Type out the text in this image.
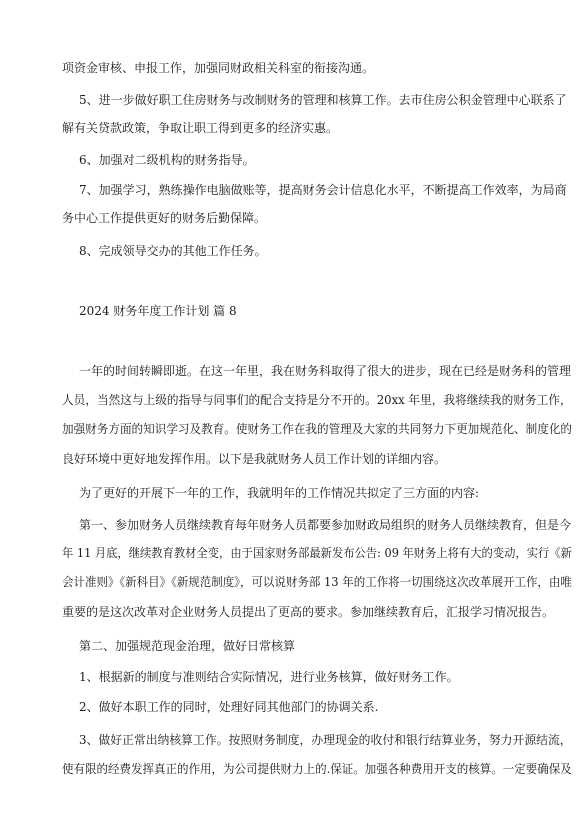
项资金审核、申报工作，加强同财政相关科室的衔接沟通。
5、进一步做好职工住房财务与改制财务的管理和核算工作。去市住房公积金管理中心联系了
解有关贷款政策，争取让职工得到更多的经济实惠。
6、加强对二级机构的财务指导。
7、加强学习，熟练操作电脑做账等，提高财务会计信息化水平，不断提高工作效率，为局商
务中心工作提供更好的财务后勤保障。
8、完成领导交办的其他工作任务。
2024 财务年度工作计划 篇 8
一年的时间转瞬即逝。在这一年里，我在财务科取得了很大的进步，现在已经是财务科的管理
人员，当然这与上级的指导与同事们的配合支持是分不开的。20xx 年里，我将继续我的财务工作，
加强财务方面的知识学习及教育。使财务工作在我的管理及大家的共同努力下更加规范化、制度化的
良好环境中更好地发挥作用。以下是我就财务人员工作计划的详细内容。
为了更好的开展下一年的工作，我就明年的工作情况共拟定了三方面的内容:
第一、参加财务人员继续教育每年财务人员都要参加财政局组织的财务人员继续教育，但是今
年 11 月底，继续教育教材全变，由于国家财务部最新发布公告: 09 年财务上将有大的变动，实行《新
会计准则》《新科目》《新规范制度》，可以说财务部 13 年的工作将一切围绕这次改革展开工作，由唯
重要的是这次改革对企业财务人员提出了更高的要求。参加继续教育后，汇报学习情况报告。
第二、加强规范现金治理，做好日常核算
1、根据新的制度与准则结合实际情况，进行业务核算，做好财务工作。
2、做好本职工作的同时，处理好同其他部门的协调关系.
3、做好正常出纳核算工作。按照财务制度，办理现金的收付和银行结算业务，努力开源结流，
使有限的经费发挥真正的作用，为公司提供财力上的.保证。加强各种费用开支的核算。一定要确保及
